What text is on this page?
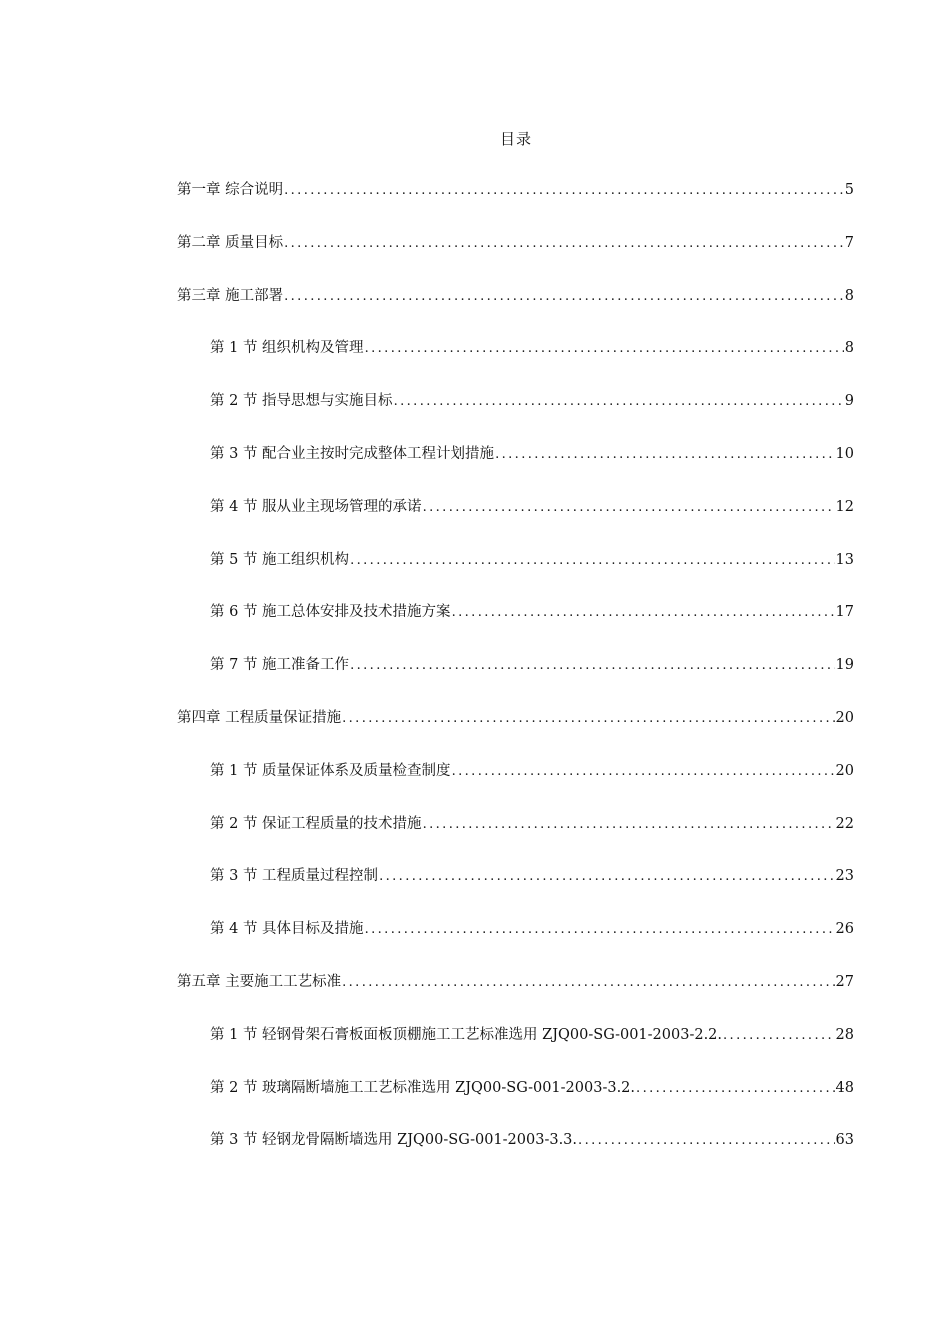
目录
第一章 综合说明 .....	5
第二章 质量目标 .....	7
第三章 施工部署 .....	8
第 1 节 组织机构及管理 .....	8
第 2 节 指导思想与实施目标 .....	9
第 3 节 配合业主按时完成整体工程计划措施 .....	10
第 4 节 服从业主现场管理的承诺 .....	12
第 5 节 施工组织机构 .....	13
第 6 节 施工总体安排及技术措施方案 .....	17
第 7 节 施工准备工作 .....	19
第四章 工程质量保证措施 .....	20
第 1 节 质量保证体系及质量检查制度 .....	20
第 2 节 保证工程质量的技术措施 .....	22
第 3 节 工程质量过程控制 .....	23
第 4 节 具体目标及措施 .....	26
第五章 主要施工工艺标准 .....	27
第 1 节 轻钢骨架石膏板面板顶棚施工工艺标准选用 ZJQ00-SG-001-2003-2.2. .....	28
第 2 节 玻璃隔断墙施工工艺标准选用 ZJQ00-SG-001-2003-3.2. .....	48
第 3 节 轻钢龙骨隔断墙选用 ZJQ00-SG-001-2003-3.3. .....	63
